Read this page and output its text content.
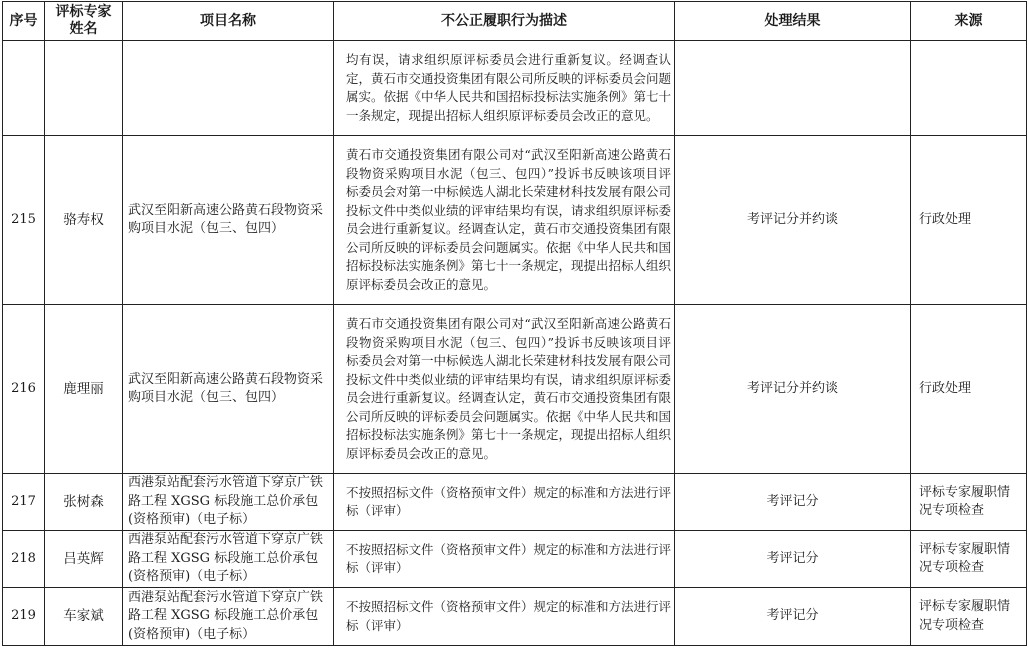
序号	评标专家姓名	项目名称	不公正履职行为描述	处理结果	来源
			均有误，请求组织原评标委员会进行重新复议。经调查认定，黄石市交通投资集团有限公司所反映的评标委员会问题属实。依据《中华人民共和国招标投标法实施条例》第七十一条规定，现提出招标人组织原评标委员会改正的意见。		
215	骆寿权	武汉至阳新高速公路黄石段物资采购项目水泥（包三、包四）	黄石市交通投资集团有限公司对“武汉至阳新高速公路黄石段物资采购项目水泥（包三、包四）”投诉书反映该项目评标委员会对第一中标候选人湖北长荣建材科技发展有限公司投标文件中类似业绩的评审结果均有误，请求组织原评标委员会进行重新复议。经调查认定，黄石市交通投资集团有限公司所反映的评标委员会问题属实。依据《中华人民共和国招标投标法实施条例》第七十一条规定，现提出招标人组织原评标委员会改正的意见。	考评记分并约谈	行政处理
216	鹿理丽	武汉至阳新高速公路黄石段物资采购项目水泥（包三、包四）	黄石市交通投资集团有限公司对“武汉至阳新高速公路黄石段物资采购项目水泥（包三、包四）”投诉书反映该项目评标委员会对第一中标候选人湖北长荣建材科技发展有限公司投标文件中类似业绩的评审结果均有误，请求组织原评标委员会进行重新复议。经调查认定，黄石市交通投资集团有限公司所反映的评标委员会问题属实。依据《中华人民共和国招标投标法实施条例》第七十一条规定，现提出招标人组织原评标委员会改正的意见。	考评记分并约谈	行政处理
217	张树森	西港泵站配套污水管道下穿京广铁路工程 XGSG 标段施工总价承包(资格预审)（电子标）	不按照招标文件（资格预审文件）规定的标准和方法进行评标（评审）	考评记分	评标专家履职情况专项检查
218	吕英辉	西港泵站配套污水管道下穿京广铁路工程 XGSG 标段施工总价承包(资格预审)（电子标）	不按照招标文件（资格预审文件）规定的标准和方法进行评标（评审）	考评记分	评标专家履职情况专项检查
219	车家斌	西港泵站配套污水管道下穿京广铁路工程 XGSG 标段施工总价承包(资格预审)（电子标）	不按照招标文件（资格预审文件）规定的标准和方法进行评标（评审）	考评记分	评标专家履职情况专项检查
